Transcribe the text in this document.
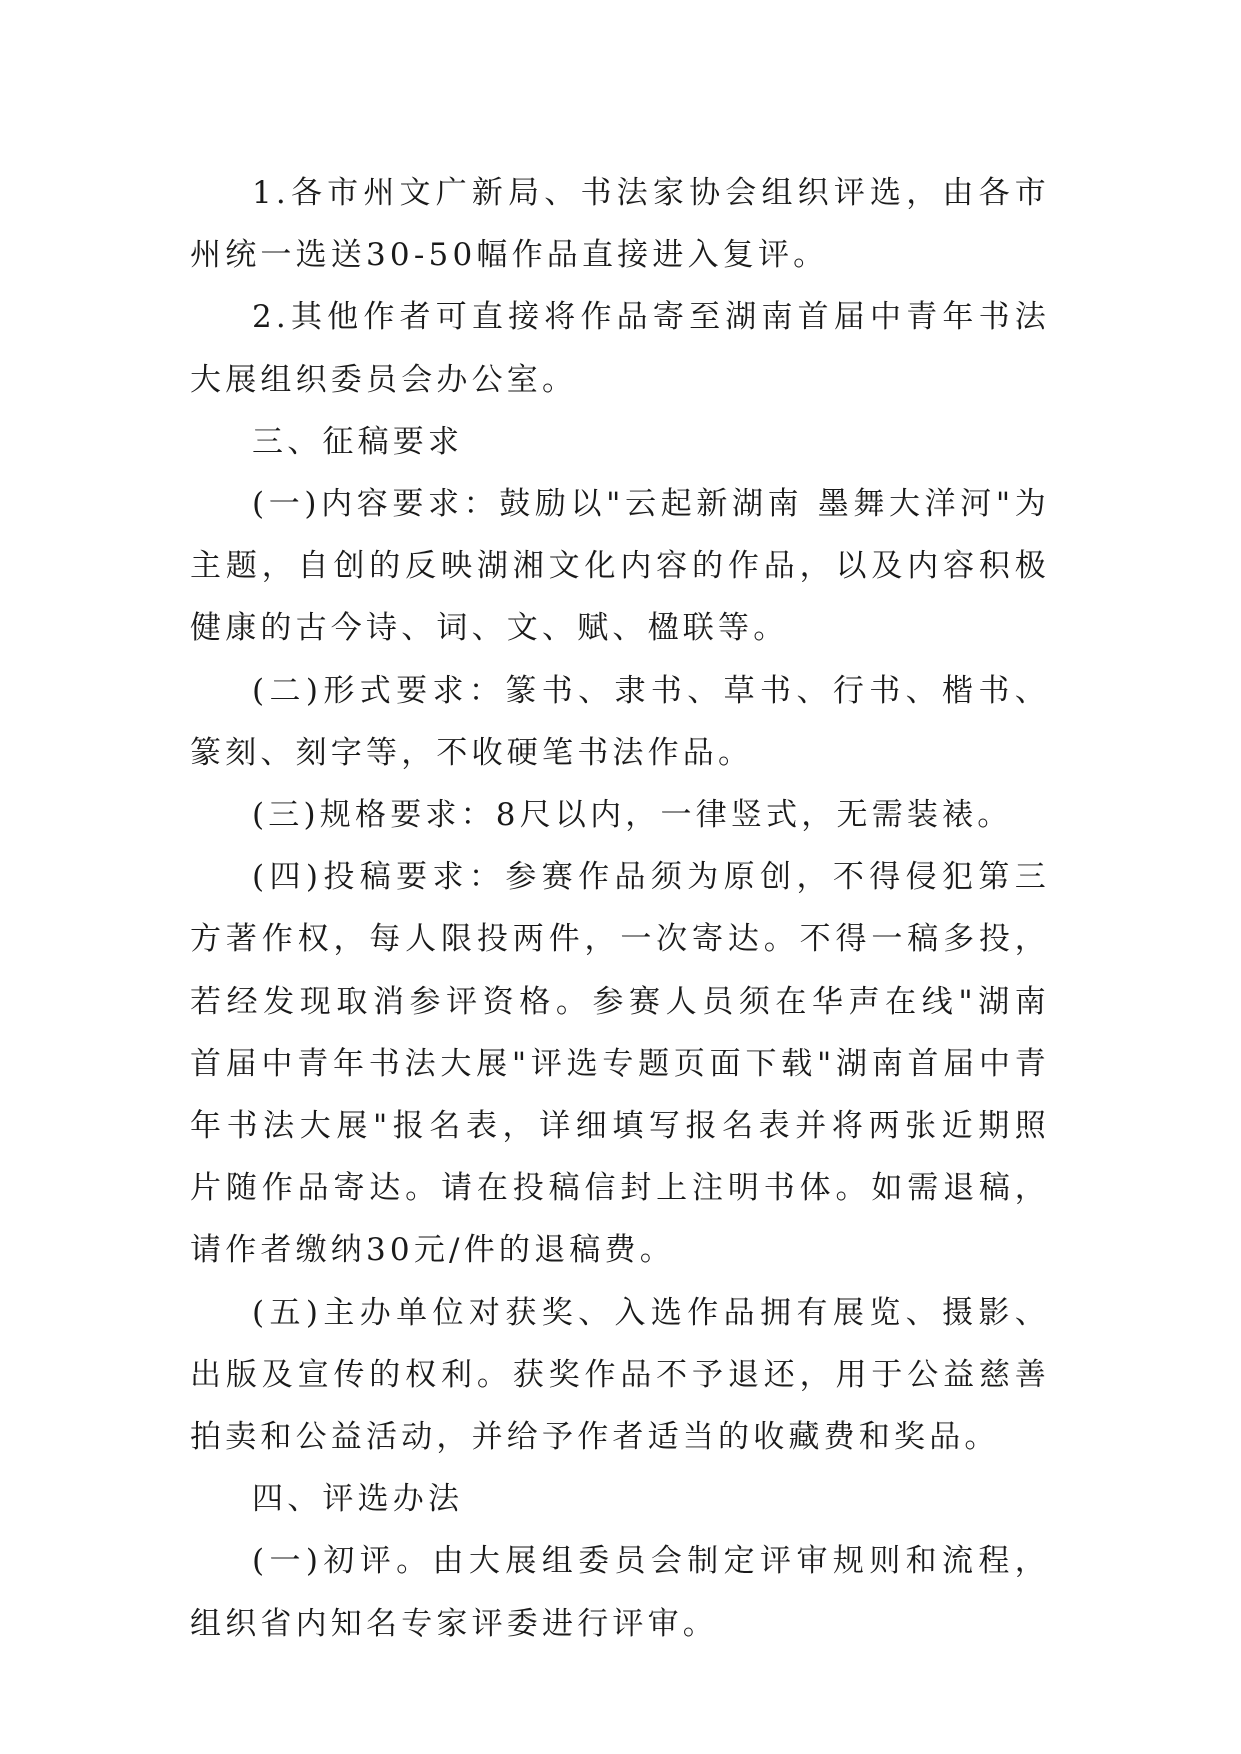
1.各市州文广新局、书法家协会组织评选，由各市州统一选送30-50幅作品直接进入复评。

2.其他作者可直接将作品寄至湖南首届中青年书法大展组织委员会办公室。

三、征稿要求

(一)内容要求：鼓励以"云起新湖南 墨舞大洋河"为主题，自创的反映湖湘文化内容的作品，以及内容积极健康的古今诗、词、文、赋、楹联等。

(二)形式要求：篆书、隶书、草书、行书、楷书、篆刻、刻字等，不收硬笔书法作品。

(三)规格要求：8尺以内，一律竖式，无需装裱。

(四)投稿要求：参赛作品须为原创，不得侵犯第三方著作权，每人限投两件，一次寄达。不得一稿多投，若经发现取消参评资格。参赛人员须在华声在线"湖南首届中青年书法大展"评选专题页面下载"湖南首届中青年书法大展"报名表，详细填写报名表并将两张近期照片随作品寄达。请在投稿信封上注明书体。如需退稿，请作者缴纳30元/件的退稿费。

(五)主办单位对获奖、入选作品拥有展览、摄影、出版及宣传的权利。获奖作品不予退还，用于公益慈善拍卖和公益活动，并给予作者适当的收藏费和奖品。

四、评选办法

(一)初评。由大展组委员会制定评审规则和流程，组织省内知名专家评委进行评审。
